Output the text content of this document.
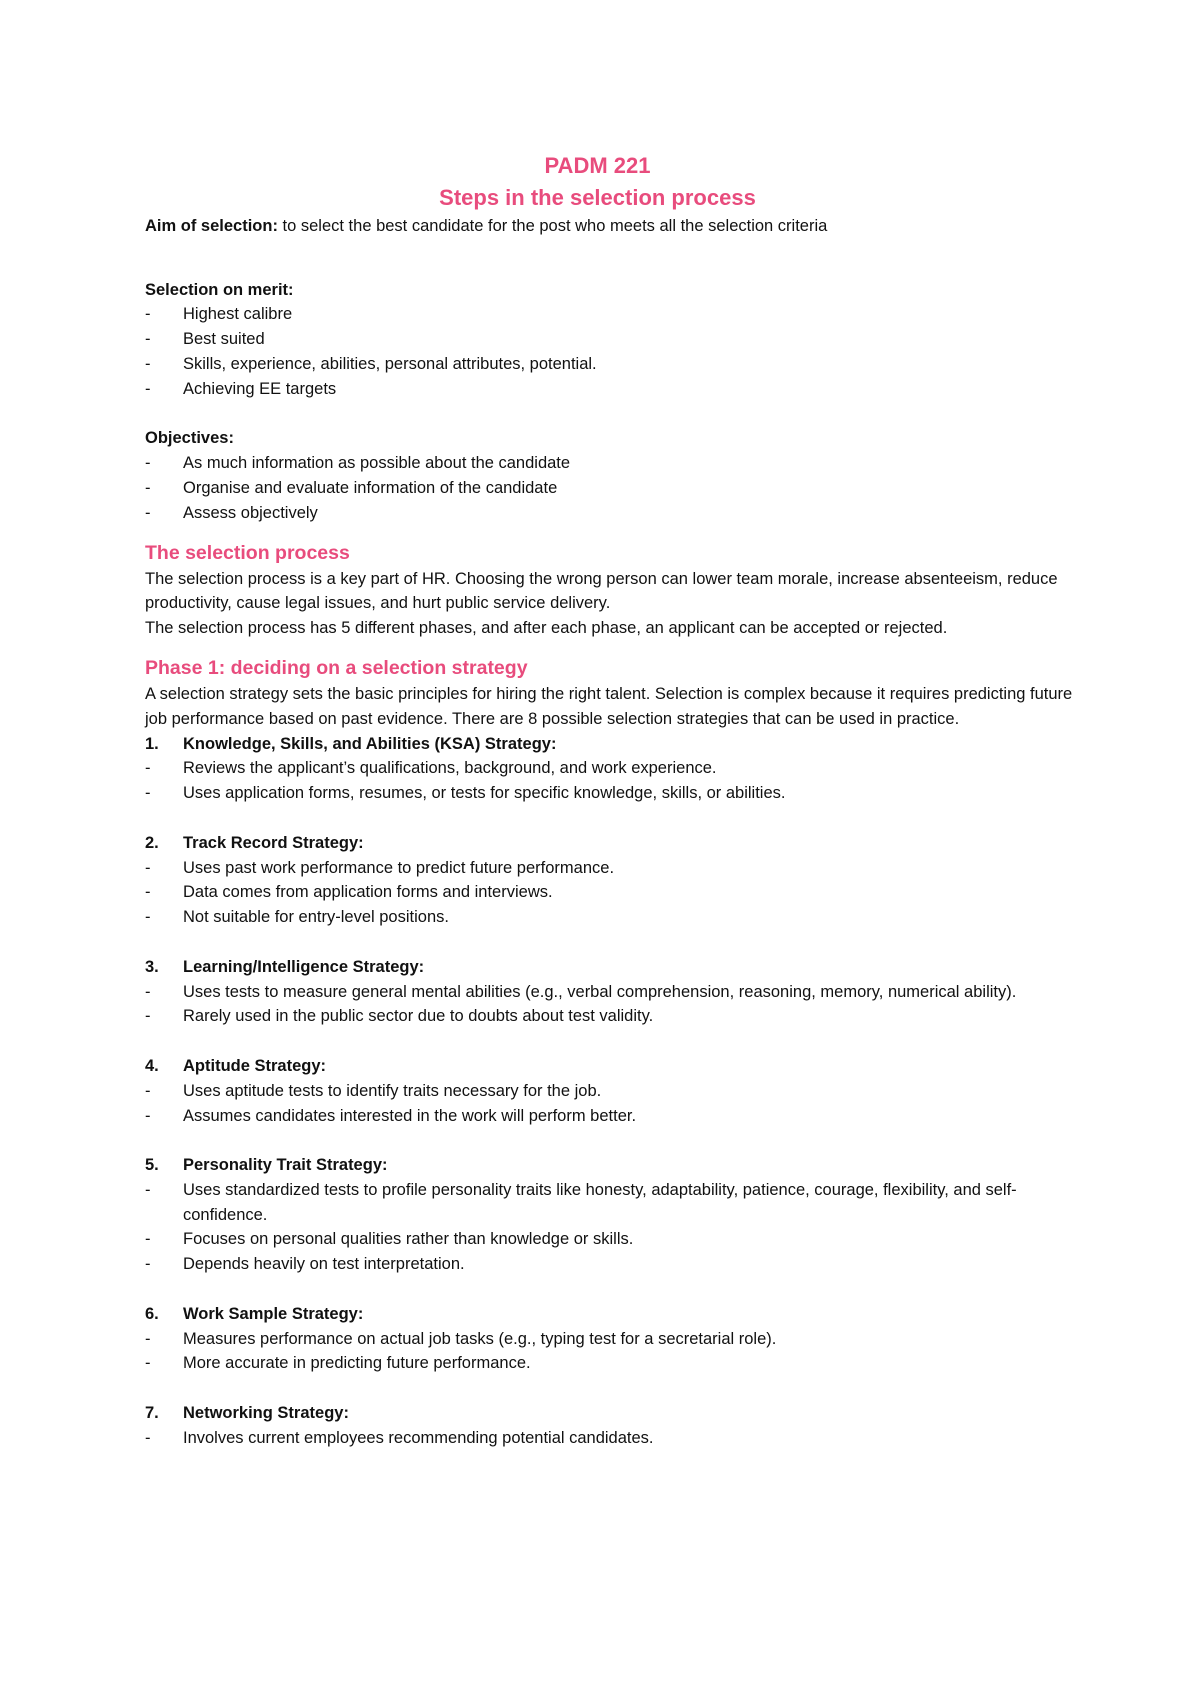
PADM 221
Steps in the selection process
Aim of selection: to select the best candidate for the post who meets all the selection criteria
Selection on merit:
- Highest calibre
- Best suited
- Skills, experience, abilities, personal attributes, potential.
- Achieving EE targets
Objectives:
- As much information as possible about the candidate
- Organise and evaluate information of the candidate
- Assess objectively
The selection process
The selection process is a key part of HR. Choosing the wrong person can lower team morale, increase absenteeism, reduce productivity, cause legal issues, and hurt public service delivery.
The selection process has 5 different phases, and after each phase, an applicant can be accepted or rejected.
Phase 1: deciding on a selection strategy
A selection strategy sets the basic principles for hiring the right talent. Selection is complex because it requires predicting future job performance based on past evidence. There are 8 possible selection strategies that can be used in practice.
1. Knowledge, Skills, and Abilities (KSA) Strategy:
- Reviews the applicant’s qualifications, background, and work experience.
- Uses application forms, resumes, or tests for specific knowledge, skills, or abilities.
2. Track Record Strategy:
- Uses past work performance to predict future performance.
- Data comes from application forms and interviews.
- Not suitable for entry-level positions.
3. Learning/Intelligence Strategy:
- Uses tests to measure general mental abilities (e.g., verbal comprehension, reasoning, memory, numerical ability).
- Rarely used in the public sector due to doubts about test validity.
4. Aptitude Strategy:
- Uses aptitude tests to identify traits necessary for the job.
- Assumes candidates interested in the work will perform better.
5. Personality Trait Strategy:
- Uses standardized tests to profile personality traits like honesty, adaptability, patience, courage, flexibility, and self-confidence.
- Focuses on personal qualities rather than knowledge or skills.
- Depends heavily on test interpretation.
6. Work Sample Strategy:
- Measures performance on actual job tasks (e.g., typing test for a secretarial role).
- More accurate in predicting future performance.
7. Networking Strategy:
- Involves current employees recommending potential candidates.
